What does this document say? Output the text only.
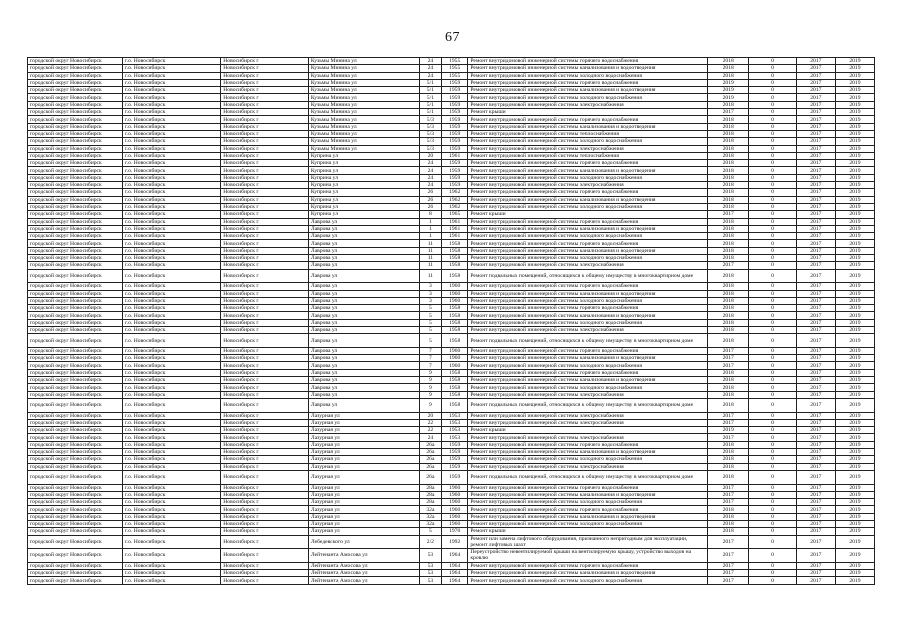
67
городской округ Новосибирск	г.о. Новосибирск	Новосибирск г	Кузьмы Минина ул	24	1955	Ремонт внутридомовой инженерной системы горячего водоснабжения	2018	0	2017	2019
городской округ Новосибирск	г.о. Новосибирск	Новосибирск г	Кузьмы Минина ул	24	1955	Ремонт внутридомовой инженерной системы канализования и водоотведения	2018	0	2017	2019
городской округ Новосибирск	г.о. Новосибирск	Новосибирск г	Кузьмы Минина ул	24	1955	Ремонт внутридомовой инженерной системы холодного водоснабжения	2018	0	2017	2019
городской округ Новосибирск	г.о. Новосибирск	Новосибирск г	Кузьмы Минина ул	5/1	1959	Ремонт внутридомовой инженерной системы горячего водоснабжения	2019	0	2017	2019
городской округ Новосибирск	г.о. Новосибирск	Новосибирск г	Кузьмы Минина ул	5/1	1959	Ремонт внутридомовой инженерной системы канализования и водоотведения	2019	0	2017	2019
городской округ Новосибирск	г.о. Новосибирск	Новосибирск г	Кузьмы Минина ул	5/1	1959	Ремонт внутридомовой инженерной системы холодного водоснабжения	2019	0	2017	2019
городской округ Новосибирск	г.о. Новосибирск	Новосибирск г	Кузьмы Минина ул	5/1	1959	Ремонт внутридомовой инженерной системы электроснабжения	2018	0	2017	2019
городской округ Новосибирск	г.о. Новосибирск	Новосибирск г	Кузьмы Минина ул	5/1	1959	Ремонт крыши	2017	0	2017	2019
городской округ Новосибирск	г.о. Новосибирск	Новосибирск г	Кузьмы Минина ул	5/3	1959	Ремонт внутридомовой инженерной системы горячего водоснабжения	2018	0	2017	2019
городской округ Новосибирск	г.о. Новосибирск	Новосибирск г	Кузьмы Минина ул	5/3	1959	Ремонт внутридомовой инженерной системы канализования и водоотведения	2018	0	2017	2019
городской округ Новосибирск	г.о. Новосибирск	Новосибирск г	Кузьмы Минина ул	5/3	1959	Ремонт внутридомовой инженерной системы теплоснабжения	2018	0	2017	2019
городской округ Новосибирск	г.о. Новосибирск	Новосибирск г	Кузьмы Минина ул	5/3	1959	Ремонт внутридомовой инженерной системы холодного водоснабжения	2018	0	2017	2019
городской округ Новосибирск	г.о. Новосибирск	Новосибирск г	Кузьмы Минина ул	5/3	1959	Ремонт внутридомовой инженерной системы электроснабжения	2018	0	2017	2019
городской округ Новосибирск	г.о. Новосибирск	Новосибирск г	Купринa ул	20	1961	Ремонт внутридомовой инженерной системы теплоснабжения	2018	0	2017	2019
городской округ Новосибирск	г.о. Новосибирск	Новосибирск г	Куприна ул	24	1959	Ремонт внутридомовой инженерной системы горячего водоснабжения	2018	0	2017	2019
городской округ Новосибирск	г.о. Новосибирск	Новосибирск г	Куприна ул	24	1959	Ремонт внутридомовой инженерной системы канализования и водоотведения	2018	0	2017	2019
городской округ Новосибирск	г.о. Новосибирск	Новосибирск г	Куприна ул	24	1959	Ремонт внутридомовой инженерной системы холодного водоснабжения	2018	0	2017	2019
городской округ Новосибирск	г.о. Новосибирск	Новосибирск г	Куприна ул	24	1959	Ремонт внутридомовой инженерной системы электроснабжения	2018	0	2017	2019
городской округ Новосибирск	г.о. Новосибирск	Новосибирск г	Куприна ул	26	1962	Ремонт внутридомовой инженерной системы горячего водоснабжения	2018	0	2017	2019
городской округ Новосибирск	г.о. Новосибирск	Новосибирск г	Куприна ул	26	1962	Ремонт внутридомовой инженерной системы канализования и водоотведения	2018	0	2017	2019
городской округ Новосибирск	г.о. Новосибирск	Новосибирск г	Куприна ул	26	1962	Ремонт внутридомовой инженерной системы холодного водоснабжения	2018	0	2017	2019
городской округ Новосибирск	г.о. Новосибирск	Новосибирск г	Куприна ул	8	1965	Ремонт крыши	2017	0	2017	2019
городской округ Новосибирск	г.о. Новосибирск	Новосибирск г	Лаврова ул	1	1961	Ремонт внутридомовой инженерной системы горячего водоснабжения	2018	0	2017	2019
городской округ Новосибирск	г.о. Новосибирск	Новосибирск г	Лаврова ул	1	1961	Ремонт внутридомовой инженерной системы канализования и водоотведения	2018	0	2017	2019
городской округ Новосибирск	г.о. Новосибирск	Новосибирск г	Лаврова ул	1	1961	Ремонт внутридомовой инженерной системы холодного водоснабжения	2018	0	2017	2019
городской округ Новосибирск	г.о. Новосибирск	Новосибирск г	Лаврова ул	11	1958	Ремонт внутридомовой инженерной системы горячего водоснабжения	2018	0	2017	2019
городской округ Новосибирск	г.о. Новосибирск	Новосибирск г	Лаврова ул	11	1958	Ремонт внутридомовой инженерной системы канализования и водоотведения	2018	0	2017	2019
городской округ Новосибирск	г.о. Новосибирск	Новосибирск г	Лаврова ул	11	1958	Ремонт внутридомовой инженерной системы холодного водоснабжения	2018	0	2017	2019
городской округ Новосибирск	г.о. Новосибирск	Новосибирск г	Лаврова ул	11	1958	Ремонт внутридомовой инженерной системы электроснабжения	2017	0	2017	2019
городской округ Новосибирск	г.о. Новосибирск	Новосибирск г	Лаврова ул	11	1958	Ремонт подвальных помещений, относящихся к общему имуществу в многоквартирном доме	2018	0	2017	2019
городской округ Новосибирск	г.о. Новосибирск	Новосибирск г	Лаврова ул	3	1960	Ремонт внутридомовой инженерной системы горячего водоснабжения	2018	0	2017	2019
городской округ Новосибирск	г.о. Новосибирск	Новосибирск г	Лаврова ул	3	1960	Ремонт внутридомовой инженерной системы канализования и водоотведения	2018	0	2017	2019
городской округ Новосибирск	г.о. Новосибирск	Новосибирск г	Лаврова ул	3	1960	Ремонт внутридомовой инженерной системы холодного водоснабжения	2018	0	2017	2019
городской округ Новосибирск	г.о. Новосибирск	Новосибирск г	Лаврова ул	5	1958	Ремонт внутридомовой инженерной системы горячего водоснабжения	2018	0	2017	2019
городской округ Новосибирск	г.о. Новосибирск	Новосибирск г	Лаврова ул	5	1958	Ремонт внутридомовой инженерной системы канализования и водоотведения	2018	0	2017	2019
городской округ Новосибирск	г.о. Новосибирск	Новосибирск г	Лаврова ул	5	1958	Ремонт внутридомовой инженерной системы холодного водоснабжения	2018	0	2017	2019
городской округ Новосибирск	г.о. Новосибирск	Новосибирск г	Лаврова ул	5	1958	Ремонт внутридомовой инженерной системы электроснабжения	2018	0	2017	2019
городской округ Новосибирск	г.о. Новосибирск	Новосибирск г	Лаврова ул	5	1958	Ремонт подвальных помещений, относящихся к общему имуществу в многоквартирном доме	2018	0	2017	2019
городской округ Новосибирск	г.о. Новосибирск	Новосибирск г	Лаврова ул	7	1960	Ремонт внутридомовой инженерной системы горячего водоснабжения	2017	0	2017	2019
городской округ Новосибирск	г.о. Новосибирск	Новосибирск г	Лаврова ул	7	1960	Ремонт внутридомовой инженерной системы канализования и водоотведения	2017	0	2017	2019
городской округ Новосибирск	г.о. Новосибирск	Новосибирск г	Лаврова ул	7	1960	Ремонт внутридомовой инженерной системы холодного водоснабжения	2017	0	2017	2019
городской округ Новосибирск	г.о. Новосибирск	Новосибирск г	Лаврова ул	9	1958	Ремонт внутридомовой инженерной системы горячего водоснабжения	2018	0	2017	2019
городской округ Новосибирск	г.о. Новосибирск	Новосибирск г	Лаврова ул	9	1958	Ремонт внутридомовой инженерной системы канализования и водоотведения	2018	0	2017	2019
городской округ Новосибирск	г.о. Новосибирск	Новосибирск г	Лаврова ул	9	1958	Ремонт внутридомовой инженерной системы холодного водоснабжения	2018	0	2017	2019
городской округ Новосибирск	г.о. Новосибирск	Новосибирск г	Лаврова ул	9	1958	Ремонт внутридомовой инженерной системы электроснабжения	2018	0	2017	2019
городской округ Новосибирск	г.о. Новосибирск	Новосибирск г	Лаврова ул	9	1958	Ремонт подвальных помещений, относящихся к общему имуществу в многоквартирном доме	2018	0	2017	2019
городской округ Новосибирск	г.о. Новосибирск	Новосибирск г	Лазурная ул	20	1953	Ремонт внутридомовой инженерной системы электроснабжения	2017	0	2017	2019
городской округ Новосибирск	г.о. Новосибирск	Новосибирск г	Лазурная ул	22	1953	Ремонт внутридомовой инженерной системы электроснабжения	2017	0	2017	2019
городской округ Новосибирск	г.о. Новосибирск	Новосибирск г	Лазурная ул	22	1953	Ремонт крыши	2019	0	2017	2019
городской округ Новосибирск	г.о. Новосибирск	Новосибирск г	Лазурная ул	24	1953	Ремонт внутридомовой инженерной системы электроснабжения	2017	0	2017	2019
городской округ Новосибирск	г.о. Новосибирск	Новосибирск г	Лазурная ул	26а	1959	Ремонт внутридомовой инженерной системы горячего водоснабжения	2018	0	2017	2019
городской округ Новосибирск	г.о. Новосибирск	Новосибирск г	Лазурная ул	26а	1959	Ремонт внутридомовой инженерной системы канализования и водоотведения	2018	0	2017	2019
городской округ Новосибирск	г.о. Новосибирск	Новосибирск г	Лазурная ул	26а	1959	Ремонт внутридомовой инженерной системы холодного водоснабжения	2018	0	2017	2019
городской округ Новосибирск	г.о. Новосибирск	Новосибирск г	Лазурная ул	26а	1959	Ремонт внутридомовой инженерной системы электроснабжения	2018	0	2017	2019
городской округ Новосибирск	г.о. Новосибирск	Новосибирск г	Лазурная ул	26а	1959	Ремонт подвальных помещений, относящихся к общему имуществу в многоквартирном доме	2018	0	2017	2019
городской округ Новосибирск	г.о. Новосибирск	Новосибирск г	Лазурная ул	28а	1960	Ремонт внутридомовой инженерной системы горячего водоснабжения	2017	0	2017	2019
городской округ Новосибирск	г.о. Новосибирск	Новосибирск г	Лазурная ул	28а	1960	Ремонт внутридомовой инженерной системы канализования и водоотведения	2017	0	2017	2019
городской округ Новосибирск	г.о. Новосибирск	Новосибирск г	Лазурная ул	28а	1960	Ремонт внутридомовой инженерной системы холодного водоснабжения	2017	0	2017	2019
городской округ Новосибирск	г.о. Новосибирск	Новосибирск г	Лазурная ул	32а	1960	Ремонт внутридомовой инженерной системы горячего водоснабжения	2018	0	2017	2019
городской округ Новосибирск	г.о. Новосибирск	Новосибирск г	Лазурная ул	32а	1960	Ремонт внутридомовой инженерной системы канализования и водоотведения	2018	0	2017	2019
городской округ Новосибирск	г.о. Новосибирск	Новосибирск г	Лазурная ул	32а	1960	Ремонт внутридомовой инженерной системы холодного водоснабжения	2018	0	2017	2019
городской округ Новосибирск	г.о. Новосибирск	Новосибирск г	Лазурная ул	5	1970	Ремонт крыши	2018	0	2017	2019
городской округ Новосибирск	г.о. Новосибирск	Новосибирск г	Лебедевского ул	2/2	1992	Ремонт или замена лифтового оборудования, признанного непригодным для эксплуатации, ремонт лифтовых шахт	2017	0	2017	2019
городской округ Новосибирск	г.о. Новосибирск	Новосибирск г	Лейтенанта Амосова ул	53	1964	Переустройство невентилируемой крыши на вентилируемую крышу, устройство выходов на кровлю	2017	0	2017	2019
городской округ Новосибирск	г.о. Новосибирск	Новосибирск г	Лейтенанта Амосова ул	53	1964	Ремонт внутридомовой инженерной системы горячего водоснабжения	2017	0	2017	2019
городской округ Новосибирск	г.о. Новосибирск	Новосибирск г	Лейтенанта Амосова ул	53	1964	Ремонт внутридомовой инженерной системы канализования и водоотведения	2017	0	2017	2019
городской округ Новосибирск	г.о. Новосибирск	Новосибирск г	Лейтенанта Амосова ул	53	1964	Ремонт внутридомовой инженерной системы холодного водоснабжения	2017	0	2017	2019
